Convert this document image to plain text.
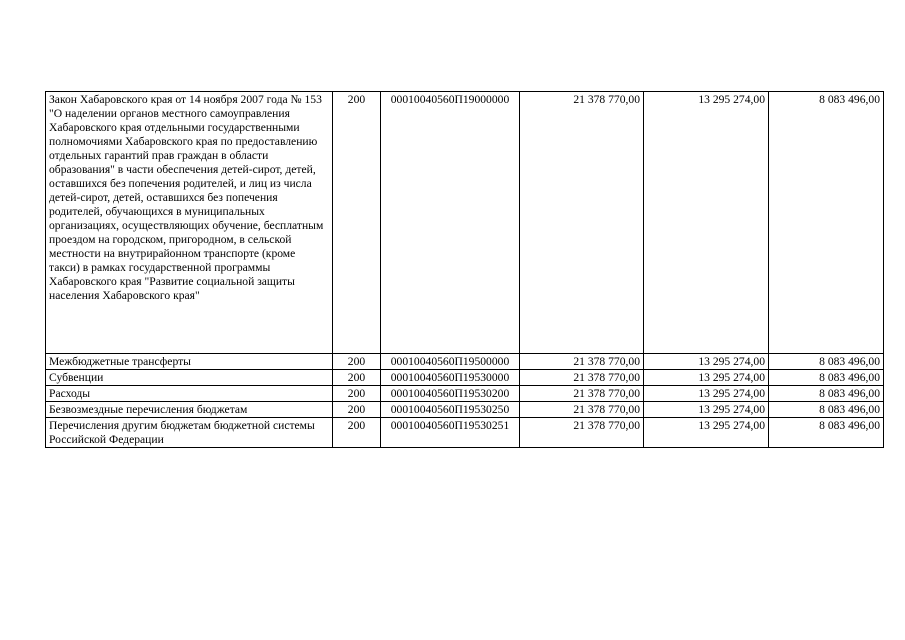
Закон Хабаровского края от 14 ноября 2007 года № 153 "О наделении органов местного самоуправления Хабаровского края отдельными государственными полномочиями Хабаровского края по предоставлению отдельных гарантий прав граждан в области образования" в части обеспечения детей-сирот, детей, оставшихся без попечения родителей, и лиц из числа детей-сирот, детей, оставшихся без попечения родителей, обучающихся в муниципальных организациях, осуществляющих обучение, бесплатным проездом на городском, пригородном, в сельской местности на внутрирайонном транспорте (кроме такси) в рамках государственной программы Хабаровского края "Развитие социальной защиты населения Хабаровского края"	200	00010040560П19000000	21 378 770,00	13 295 274,00	8 083 496,00
Межбюджетные трансферты	200	00010040560П19500000	21 378 770,00	13 295 274,00	8 083 496,00
Субвенции	200	00010040560П19530000	21 378 770,00	13 295 274,00	8 083 496,00
Расходы	200	00010040560П19530200	21 378 770,00	13 295 274,00	8 083 496,00
Безвозмездные перечисления бюджетам	200	00010040560П19530250	21 378 770,00	13 295 274,00	8 083 496,00
Перечисления другим бюджетам бюджетной системы Российской Федерации	200	00010040560П19530251	21 378 770,00	13 295 274,00	8 083 496,00
